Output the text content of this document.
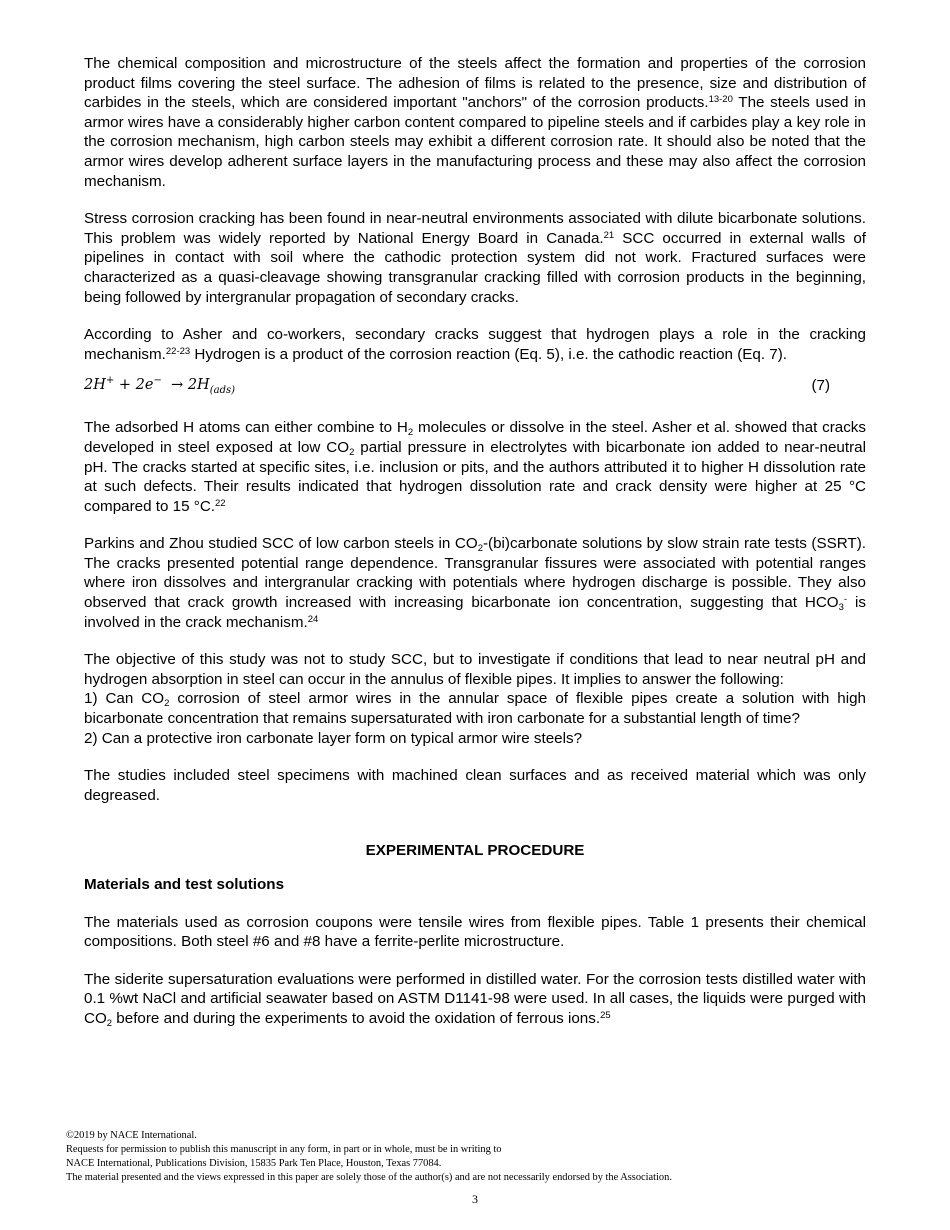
The chemical composition and microstructure of the steels affect the formation and properties of the corrosion product films covering the steel surface. The adhesion of films is related to the presence, size and distribution of carbides in the steels, which are considered important "anchors" of the corrosion products.$^{13-20}$ The steels used in armor wires have a considerably higher carbon content compared to pipeline steels and if carbides play a key role in the corrosion mechanism, high carbon steels may exhibit a different corrosion rate. It should also be noted that the armor wires develop adherent surface layers in the manufacturing process and these may also affect the corrosion mechanism.

Stress corrosion cracking has been found in near-neutral environments associated with dilute bicarbonate solutions. This problem was widely reported by National Energy Board in Canada.$^{21}$ SCC occurred in external walls of pipelines in contact with soil where the cathodic protection system did not work. Fractured surfaces were characterized as a quasi-cleavage showing transgranular cracking filled with corrosion products in the beginning, being followed by intergranular propagation of secondary cracks.

According to Asher and co-workers, secondary cracks suggest that hydrogen plays a role in the cracking mechanism.$^{22-23}$ Hydrogen is a product of the corrosion reaction (Eq. 5), i.e. the cathodic reaction (Eq. 7).

$2H^+ + 2e^- \to 2H_{(ads)}$	(7)

The adsorbed H atoms can either combine to $H_2$ molecules or dissolve in the steel. Asher et al. showed that cracks developed in steel exposed at low $CO_2$ partial pressure in electrolytes with bicarbonate ion added to near-neutral pH. The cracks started at specific sites, i.e. inclusion or pits, and the authors attributed it to higher H dissolution rate at such defects. Their results indicated that hydrogen dissolution rate and crack density were higher at 25 °C compared to 15 °C.$^{22}$

Parkins and Zhou studied SCC of low carbon steels in $CO_2-(bi)carbonate$ solutions by slow strain rate tests (SSRT). The cracks presented potential range dependence. Transgranular fissures were associated with potential ranges where iron dissolves and intergranular cracking with potentials where hydrogen discharge is possible. They also observed that crack growth increased with increasing bicarbonate ion concentration, suggesting that $HCO_3^-$ is involved in the crack mechanism.$^{24}$

The objective of this study was not to study SCC, but to investigate if conditions that lead to near neutral pH and hydrogen absorption in steel can occur in the annulus of flexible pipes. It implies to answer the following:
1) Can $CO_2$ corrosion of steel armor wires in the annular space of flexible pipes create a solution with high bicarbonate concentration that remains supersaturated with iron carbonate for a substantial length of time?
2) Can a protective iron carbonate layer form on typical armor wire steels?

The studies included steel specimens with machined clean surfaces and as received material which was only degreased.

EXPERIMENTAL PROCEDURE
Materials and test solutions

The materials used as corrosion coupons were tensile wires from flexible pipes. Table 1 presents their chemical compositions. Both steel #6 and #8 have a ferrite-perlite microstructure.

The siderite supersaturation evaluations were performed in distilled water. For the corrosion tests distilled water with 0.1 %wt NaCl and artificial seawater based on ASTM D1141-98 were used. In all cases, the liquids were purged with $CO_2$ before and during the experiments to avoid the oxidation of ferrous ions.$^{25}$

©2019 by NACE International.
Requests for permission to publish this manuscript in any form, in part or in whole, must be in writing to
NACE International, Publications Division, 15835 Park Ten Place, Houston, Texas 77084.
The material presented and the views expressed in this paper are solely those of the author(s) and are not necessarily endorsed by the Association.
3
